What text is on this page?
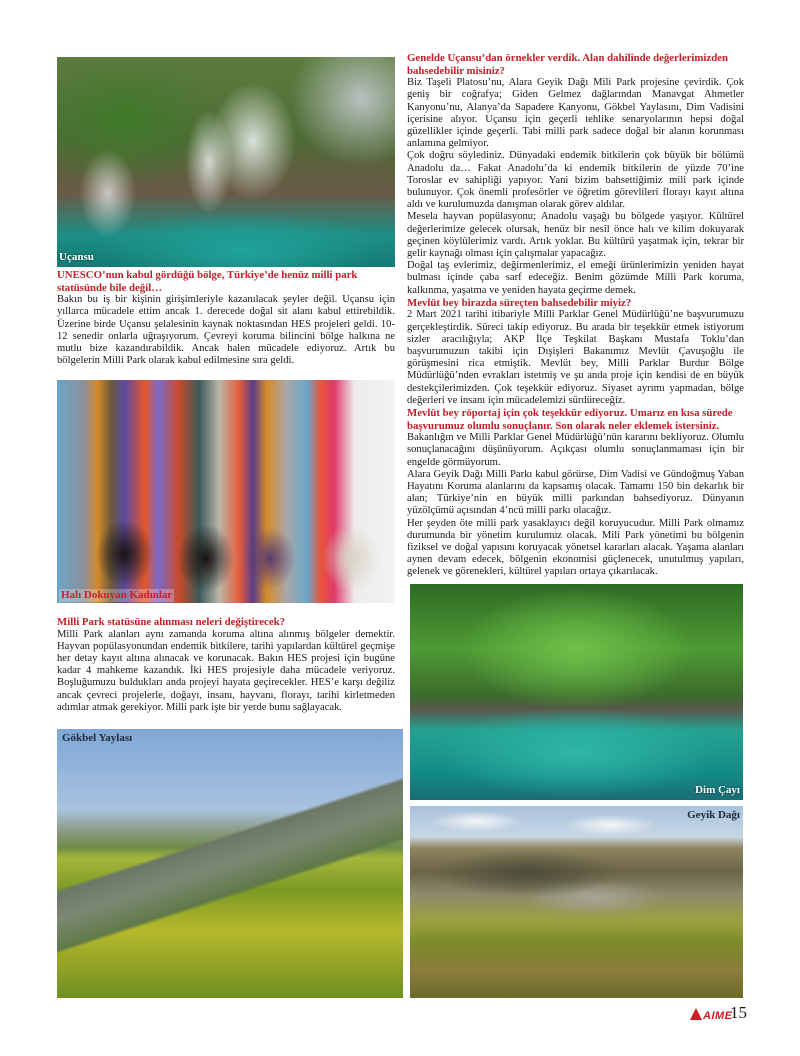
Uçansu
Halı Dokuyan Kadınlar
Gökbel Yaylası
Dim Çayı
Geyik Dağı

UNESCO’nun kabul gördüğü bölge, Türkiye’de henüz milli park statüsünde bile değil…

Bakın bu iş bir kişinin girişimleriyle kazanılacak şeyler değil. Uçansu için yıllarca mücadele ettim ancak 1. derecede doğal sit alanı kabul ettirebildik. Üzerine birde Uçansu şelalesinin kaynak noktasından HES projeleri geldi. 10-12 senedir onlarla uğraşıyorum. Çevreyi koruma bilincini bölge halkına ne mutlu bize kazandırabildik. Ancak halen mücadele ediyoruz. Artık bu bölgelerin Milli Park olarak kabul edilmesine sıra geldi.

Milli Park statüsüne alınması neleri değiştirecek?

Milli Park alanları aynı zamanda koruma altına alınmış bölgeler demektir. Hayvan popülasyonundan endemik bitkilere, tarihi yapılardan kültürel geçmişe her detay kayıt altına alınacak ve korunacak. Bakın HES projesi için bugüne kadar 4 mahkeme kazandık. İki HES projesiyle daha mücadele veriyoruz. Boşluğumuzu buldukları anda projeyi hayata geçirecekler. HES’e karşı değiliz ancak çevreci projelerle, doğayı, insanı, hayvanı, florayı, tarihi kirletmeden adımlar atmak gerekiyor. Milli park işte bir yerde bunu sağlayacak.

Genelde Uçansu’dan örnekler verdik. Alan dahilinde değerlerimizden bahsedebilir misiniz?

Biz Taşeli Platosu’nu, Alara Geyik Dağı Mili Park projesine çevirdik. Çok geniş bir coğrafya; Giden Gelmez dağlarından Manavgat Ahmetler Kanyonu’nu, Alanya’da Sapadere Kanyonu, Gökbel Yaylasını, Dim Vadisini içerisine alıyor. Uçansu için geçerli tehlike senaryolarının hepsi doğal güzellikler içinde geçerli. Tabi milli park sadece doğal bir alanın korunması anlamına gelmiyor.

Çok doğru söylediniz. Dünyadaki endemik bitkilerin çok büyük bir bölümü Anadolu da… Fakat Anadolu’da ki endemik bitkilerin de yüzde 70’ine Toroslar ev sahipliği yapıyor. Yani bizim bahsettiğimiz mili park içinde bulunuyor. Çok önemli profesörler ve öğretim görevlileri florayı kayıt altına aldı ve kurulumuzda danışman olarak görev aldılar.

Mesela hayvan popülasyonu; Anadolu vaşağı bu bölgede yaşıyor. Kültürel değerlerimize gelecek olursak, henüz bir nesil önce halı ve kilim dokuyarak geçinen köylülerimiz vardı. Artık yoklar. Bu kültürü yaşatmak için, tekrar bir gelir kaynağı olması için çalışmalar yapacağız.

Doğal taş evlerimiz, değirmenlerimiz, el emeği ürünlerimizin yeniden hayat bulması içinde çaba sarf edeceğiz. Benim gözümde Milli Park koruma, kalkınma, yaşatma ve yeniden hayata geçirme demek.

Mevlüt bey birazda süreçten bahsedebilir miyiz?

2 Mart 2021 tarihi itibariyle Milli Parklar Genel Müdürlüğü’ne başvurumuzu gerçekleştirdik. Süreci takip ediyoruz. Bu arada bir teşekkür etmek istiyorum sizler aracılığıyla; AKP İlçe Teşkilat Başkanı Mustafa Toklu’dan başvurumuzun takibi için Dışişleri Bakanımız Mevlüt Çavuşoğlu ile görüşmesini rica etmiştik. Mevlüt bey, Milli Parklar Burdur Bölge Müdürlüğü’nden evrakları istetmiş ve şu anda proje için kendisi de en büyük destekçilerimizden. Çok teşekkür ediyoruz. Siyaset ayrımı yapmadan, bölge değerleri ve insanı için mücadelemizi sürdüreceğiz.

Mevlüt bey röportaj için çok teşekkür ediyoruz. Umarız en kısa sürede başvurumuz olumlu sonuçlanır. Son olarak neler eklemek istersiniz.

Bakanlığın ve Milli Parklar Genel Müdürlüğü’nün kararını bekliyoruz. Olumlu sonuçlanacağını düşünüyorum. Açıkçası olumlu sonuçlanmaması için bir engelde görmüyorum.

Alara Geyik Dağı Milli Parkı kabul görürse, Dim Vadisi ve Gündoğmuş Yaban Hayatını Koruma alanlarını da kapsamış olacak. Tamamı 150 bin dekarlık bir alan; Türkiye’nin en büyük milli parkından bahsediyoruz. Dünyanın yüzölçümü açısından 4’ncü milli parkı olacağız.

Her şeyden öte milli park yasaklayıcı değil koruyucudur. Milli Park olmamız durumunda bir yönetim kurulumuz olacak. Mili Park yönetimi bu bölgenin fiziksel ve doğal yapısını koruyacak yönetsel kararları alacak. Yaşama alanları aynen devam edecek, bölgenin ekonomisi güçlenecek, unutulmuş yapıları, gelenek ve görenekleri, kültürel yapıları ortaya çıkarılacak.

AIME
15
